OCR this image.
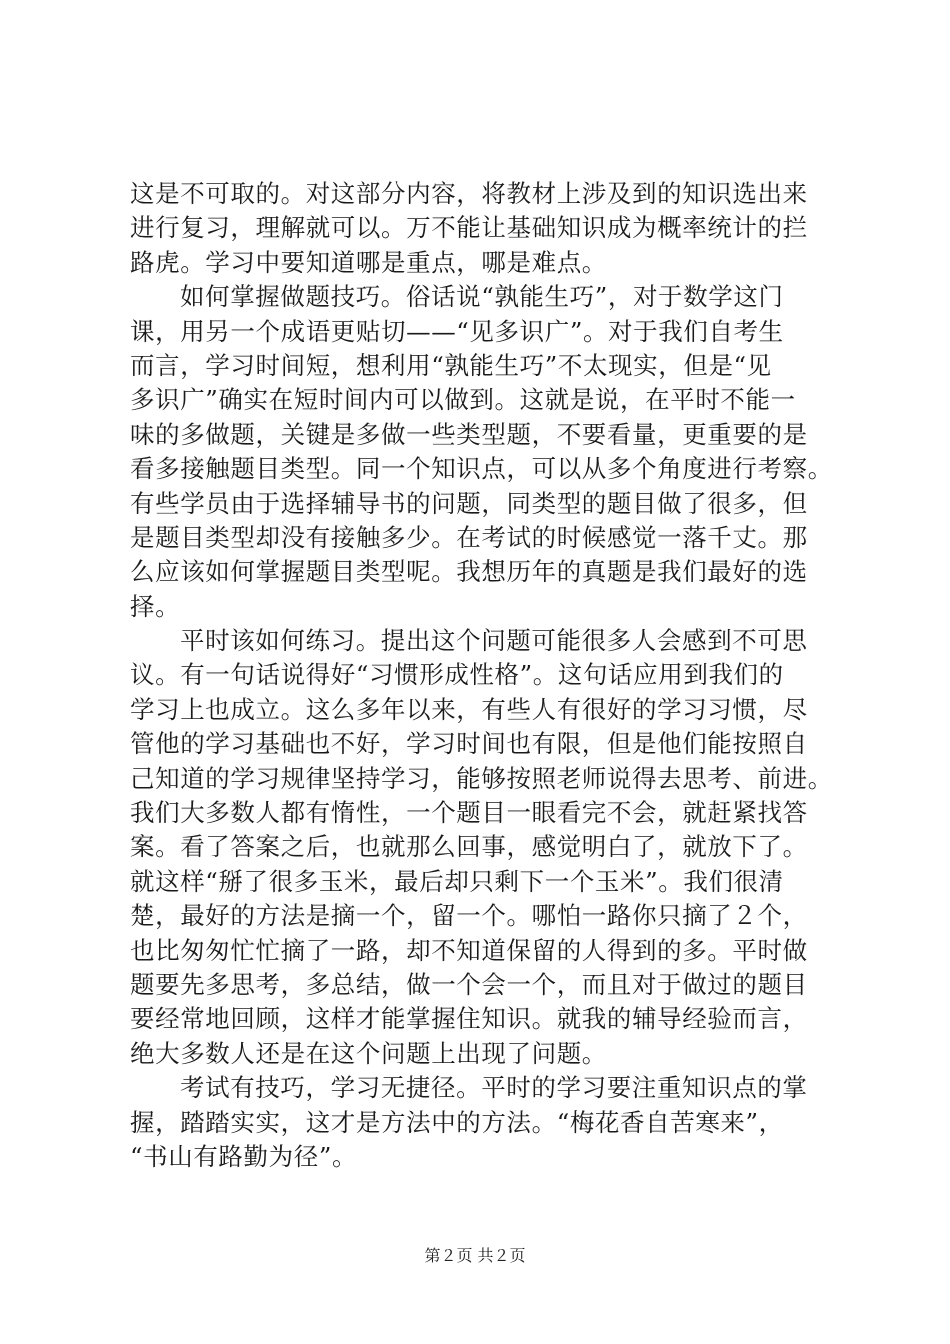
这是不可取的。对这部分内容，将教材上涉及到的知识选出来
进行复习，理解就可以。万不能让基础知识成为概率统计的拦
路虎。学习中要知道哪是重点，哪是难点。
如何掌握做题技巧。俗话说“孰能生巧”，对于数学这门
课，用另一个成语更贴切——“见多识广”。对于我们自考生
而言，学习时间短，想利用“孰能生巧”不太现实，但是“见
多识广”确实在短时间内可以做到。这就是说，在平时不能一
味的多做题，关键是多做一些类型题，不要看量，更重要的是
看多接触题目类型。同一个知识点，可以从多个角度进行考察。
有些学员由于选择辅导书的问题，同类型的题目做了很多，但
是题目类型却没有接触多少。在考试的时候感觉一落千丈。那
么应该如何掌握题目类型呢。我想历年的真题是我们最好的选
择。
平时该如何练习。提出这个问题可能很多人会感到不可思
议。有一句话说得好“习惯形成性格”。这句话应用到我们的
学习上也成立。这么多年以来，有些人有很好的学习习惯，尽
管他的学习基础也不好，学习时间也有限，但是他们能按照自
己知道的学习规律坚持学习，能够按照老师说得去思考、前进。
我们大多数人都有惰性，一个题目一眼看完不会，就赶紧找答
案。看了答案之后，也就那么回事，感觉明白了，就放下了。
就这样“掰了很多玉米，最后却只剩下一个玉米”。我们很清
楚，最好的方法是摘一个，留一个。哪怕一路你只摘了２个，
也比匆匆忙忙摘了一路，却不知道保留的人得到的多。平时做
题要先多思考，多总结，做一个会一个，而且对于做过的题目
要经常地回顾，这样才能掌握住知识。就我的辅导经验而言，
绝大多数人还是在这个问题上出现了问题。
考试有技巧，学习无捷径。平时的学习要注重知识点的掌
握，踏踏实实，这才是方法中的方法。“梅花香自苦寒来”，
“书山有路勤为径”。
第２页 共２页
